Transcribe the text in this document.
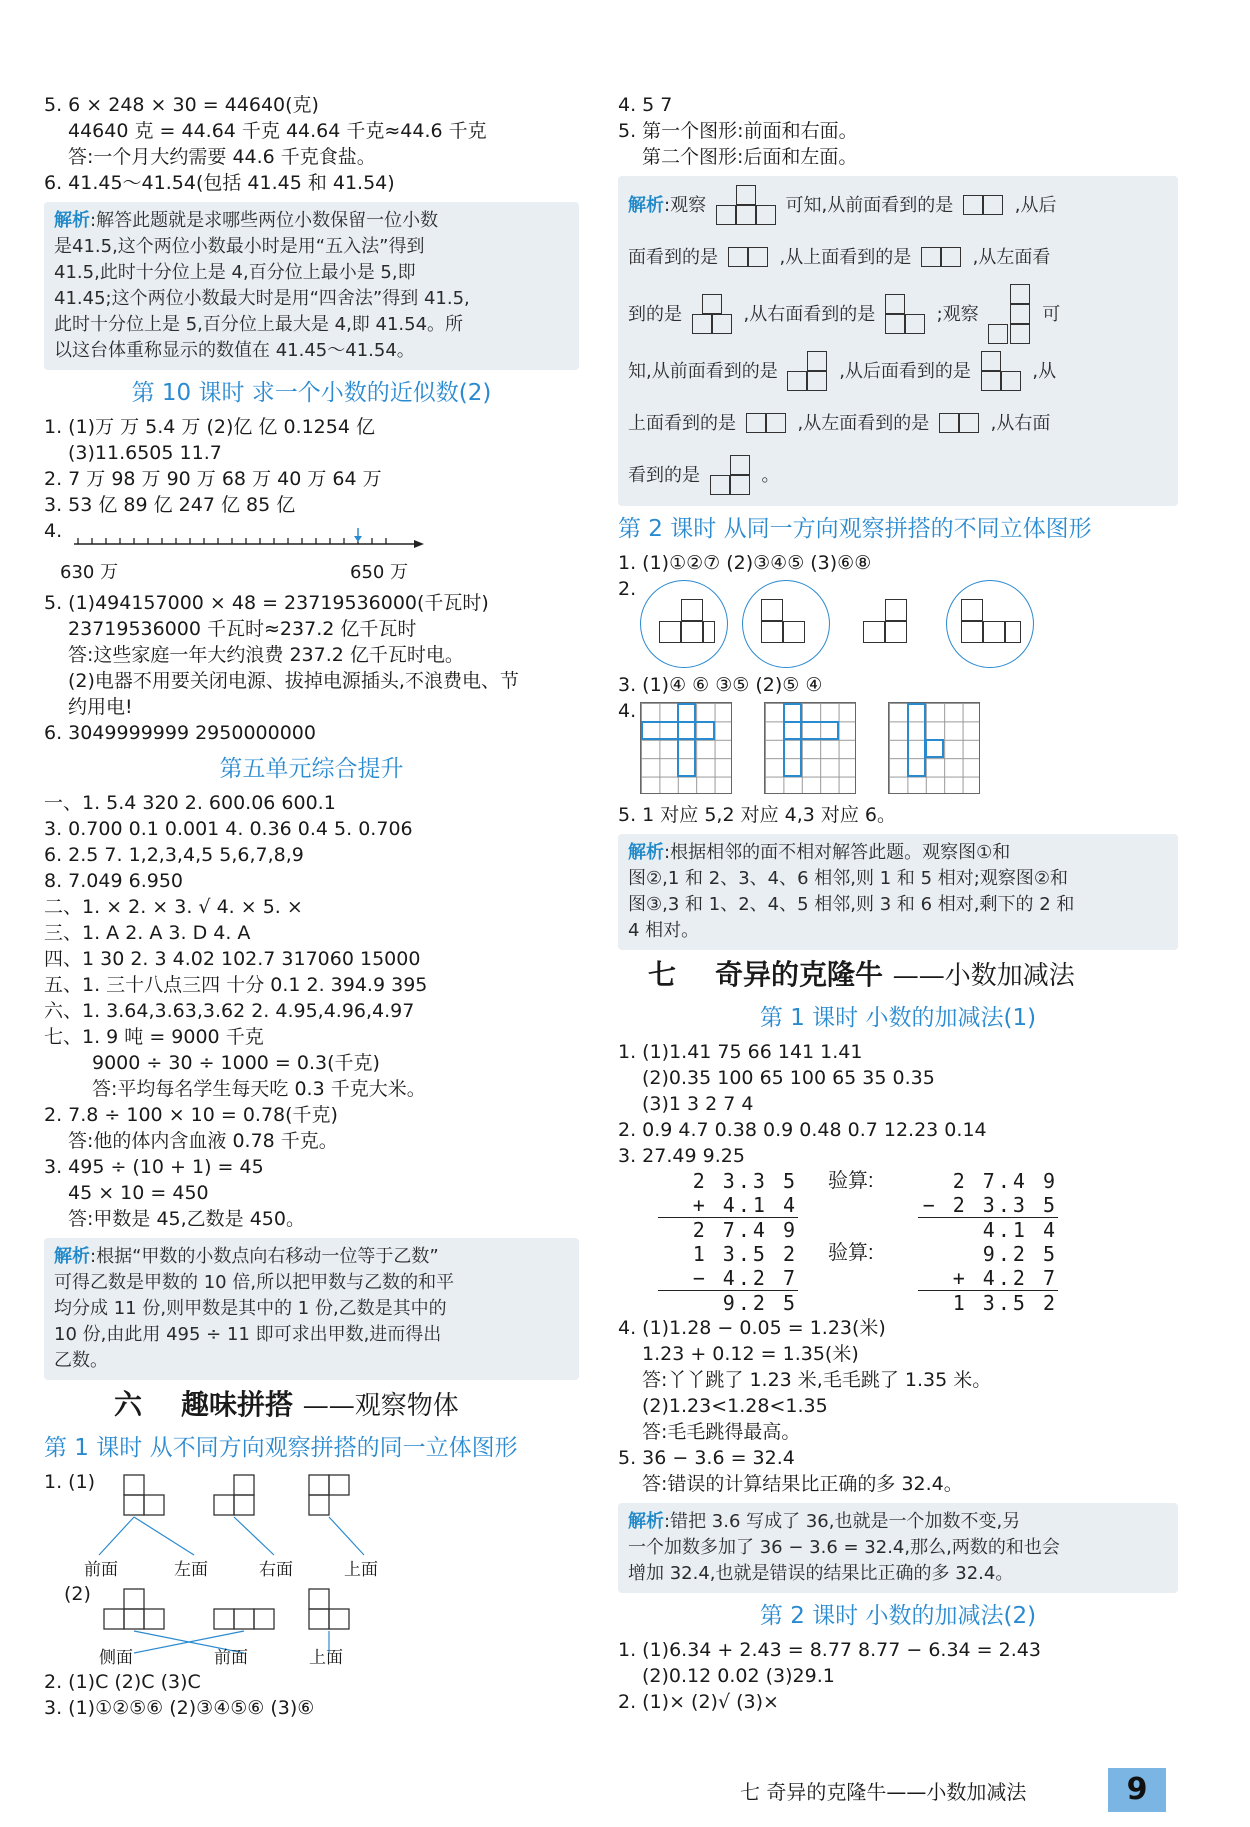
5. 6 × 248 × 30 = 44640(克)
44640 克 = 44.64 千克 44.64 千克≈44.6 千克
答:一个月大约需要 44.6 千克食盐。
6. 41.45～41.54(包括 41.45 和 41.54)
解析:解答此题就是求哪些两位小数保留一位小数
是41.5,这个两位小数最小时是用“五入法”得到
41.5,此时十分位上是 4,百分位上最小是 5,即
41.45;这个两位小数最大时是用“四舍法”得到 41.5,
此时十分位上是 5,百分位上最大是 4,即 41.54。所
以这台体重称显示的数值在 41.45～41.54。
第 10 课时 求一个小数的近似数(2)
1. (1)万 万 5.4 万 (2)亿 亿 0.1254 亿
(3)11.6505 11.7
2. 7 万 98 万 90 万 68 万 40 万 64 万
3. 53 亿 89 亿 247 亿 85 亿
4.
630 万	650 万
5. (1)494157000 × 48 = 23719536000(千瓦时)
23719536000 千瓦时≈237.2 亿千瓦时
答:这些家庭一年大约浪费 237.2 亿千瓦时电。
(2)电器不用要关闭电源、拔掉电源插头,不浪费电、节
约用电!
6. 3049999999 2950000000
第五单元综合提升
一、1. 5.4 320 2. 600.06 600.1
3. 0.700 0.1 0.001 4. 0.36 0.4 5. 0.706
6. 2.5 7. 1,2,3,4,5 5,6,7,8,9
8. 7.049 6.950
二、1. × 2. × 3. √ 4. × 5. ×
三、1. A 2. A 3. D 4. A
四、1 30 2. 3 4.02 102.7 317060 15000
五、1. 三十八点三四 十分 0.1 2. 394.9 395
六、1. 3.64,3.63,3.62 2. 4.95,4.96,4.97
七、1. 9 吨 = 9000 千克
9000 ÷ 30 ÷ 1000 = 0.3(千克)
答:平均每名学生每天吃 0.3 千克大米。
2. 7.8 ÷ 100 × 10 = 0.78(千克)
答:他的体内含血液 0.78 千克。
3. 495 ÷ (10 + 1) = 45
45 × 10 = 450
答:甲数是 45,乙数是 450。
解析:根据“甲数的小数点向右移动一位等于乙数”
可得乙数是甲数的 10 倍,所以把甲数与乙数的和平
均分成 11 份,则甲数是其中的 1 份,乙数是其中的
10 份,由此用 495 ÷ 11 即可求出甲数,进而得出
乙数。
六 趣味拼搭 ——观察物体
第 1 课时 从不同方向观察拼搭的同一立体图形
1. (1)
前面	左面	右面	上面
(2)
侧面	前面	上面
2. (1)C (2)C (3)C
3. (1)①②⑤⑥ (2)③④⑤⑥ (3)⑥
4. 5 7
5. 第一个图形:前面和右面。
第二个图形:后面和左面。
解析:观察	可知,从前面看到的是	,从后
面看到的是	,从上面看到的是	,从左面看
到的是	,从右面看到的是	;观察	可
知,从前面看到的是	,从后面看到的是	,从
上面看到的是	,从左面看到的是	,从右面
看到的是	。
第 2 课时 从同一方向观察拼搭的不同立体图形
1. (1)①②⑦ (2)③④⑤ (3)⑥⑧
2.

3. (1)④ ⑥ ③⑤ (2)⑤ ④
4.

5. 1 对应 5,2 对应 4,3 对应 6。
解析:根据相邻的面不相对解答此题。观察图①和
图②,1 和 2、3、4、6 相邻,则 1 和 5 相对;观察图②和
图③,3 和 1、2、4、5 相邻,则 3 和 6 相对,剩下的 2 和
4 相对。
七 奇异的克隆牛 ——小数加减法
第 1 课时 小数的加减法(1)
1. (1)1.41 75 66 141 1.41
(2)0.35 100 65 100 65 35 0.35
(3)1 3 2 7 4
2. 0.9 4.7 0.38 0.9 0.48 0.7 12.23 0.14
3. 27.49 9.25
2 3.3 5
+ 4.1 4
2 7.4 9
1 3.5 2
− 4.2 7
9.2 5
验算:
验算:
2 7.4 9
− 2 3.3 5
4.1 4
9.2 5
+ 4.2 7
1 3.5 2
4. (1)1.28 − 0.05 = 1.23(米)
1.23 + 0.12 = 1.35(米)
答:丫丫跳了 1.23 米,毛毛跳了 1.35 米。
(2)1.23<1.28<1.35
答:毛毛跳得最高。
5. 36 − 3.6 = 32.4
答:错误的计算结果比正确的多 32.4。
解析:错把 3.6 写成了 36,也就是一个加数不变,另
一个加数多加了 36 − 3.6 = 32.4,那么,两数的和也会
增加 32.4,也就是错误的结果比正确的多 32.4。
第 2 课时 小数的加减法(2)
1. (1)6.34 + 2.43 = 8.77 8.77 − 6.34 = 2.43
(2)0.12 0.02 (3)29.1
2. (1)× (2)√ (3)×
七 奇异的克隆牛——小数加减法	9
